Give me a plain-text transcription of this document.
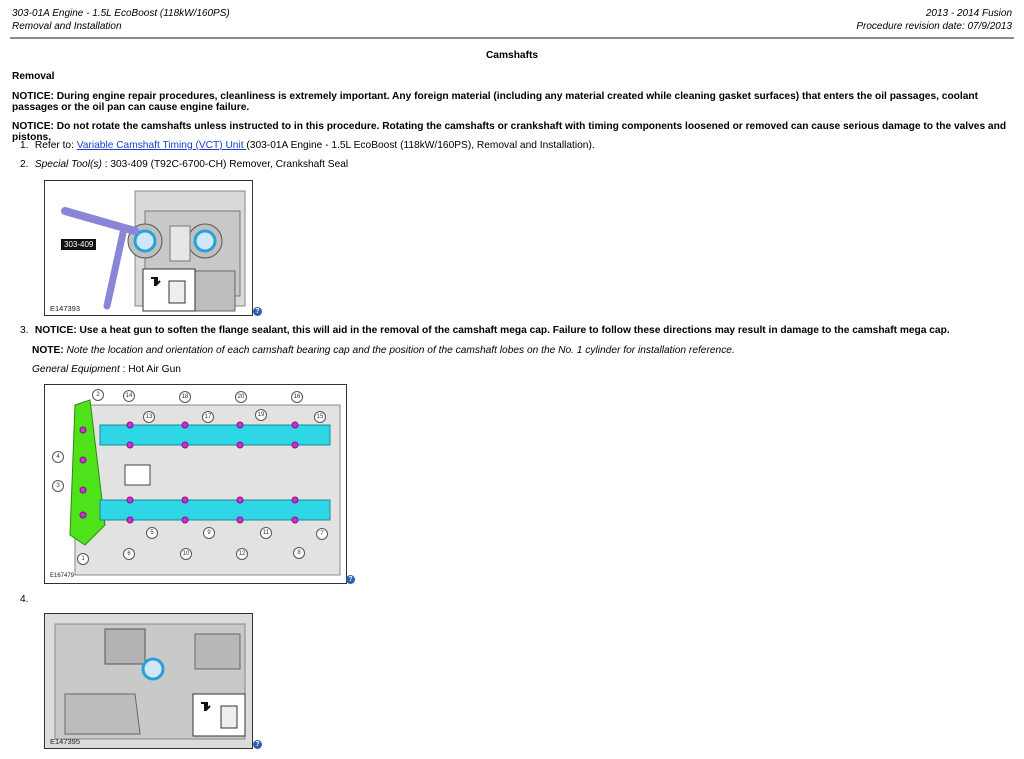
303-01A Engine - 1.5L EcoBoost (118kW/160PS)
Removal and Installation
2013 - 2014 Fusion
Procedure revision date: 07/9/2013
Camshafts
Removal
NOTICE: During engine repair procedures, cleanliness is extremely important. Any foreign material (including any material created while cleaning gasket surfaces) that enters the oil passages, coolant passages or the oil pan can cause engine failure.
NOTICE: Do not rotate the camshafts unless instructed to in this procedure. Rotating the camshafts or crankshaft with timing components loosened or removed can cause serious damage to the valves and pistons.
1. Refer to: Variable Camshaft Timing (VCT) Unit (303-01A Engine - 1.5L EcoBoost (118kW/160PS), Removal and Installation).
2. Special Tool(s) : 303-409 (T92C-6700-CH) Remover, Crankshaft Seal
303-409
E147393	?
3. NOTICE: Use a heat gun to soften the flange sealant, this will aid in the removal of the camshaft mega cap. Failure to follow these directions may result in damage to the camshaft mega cap.
NOTE: Note the location and orientation of each camshaft bearing cap and the position of the camshaft lobes on the No. 1 cylinder for installation reference.
General Equipment : Hot Air Gun
2	14	18	20	16
13	17	19	15
4
3
6
5	9	11	7
10	12	8
1
E167479	?
4.
E147395	?
